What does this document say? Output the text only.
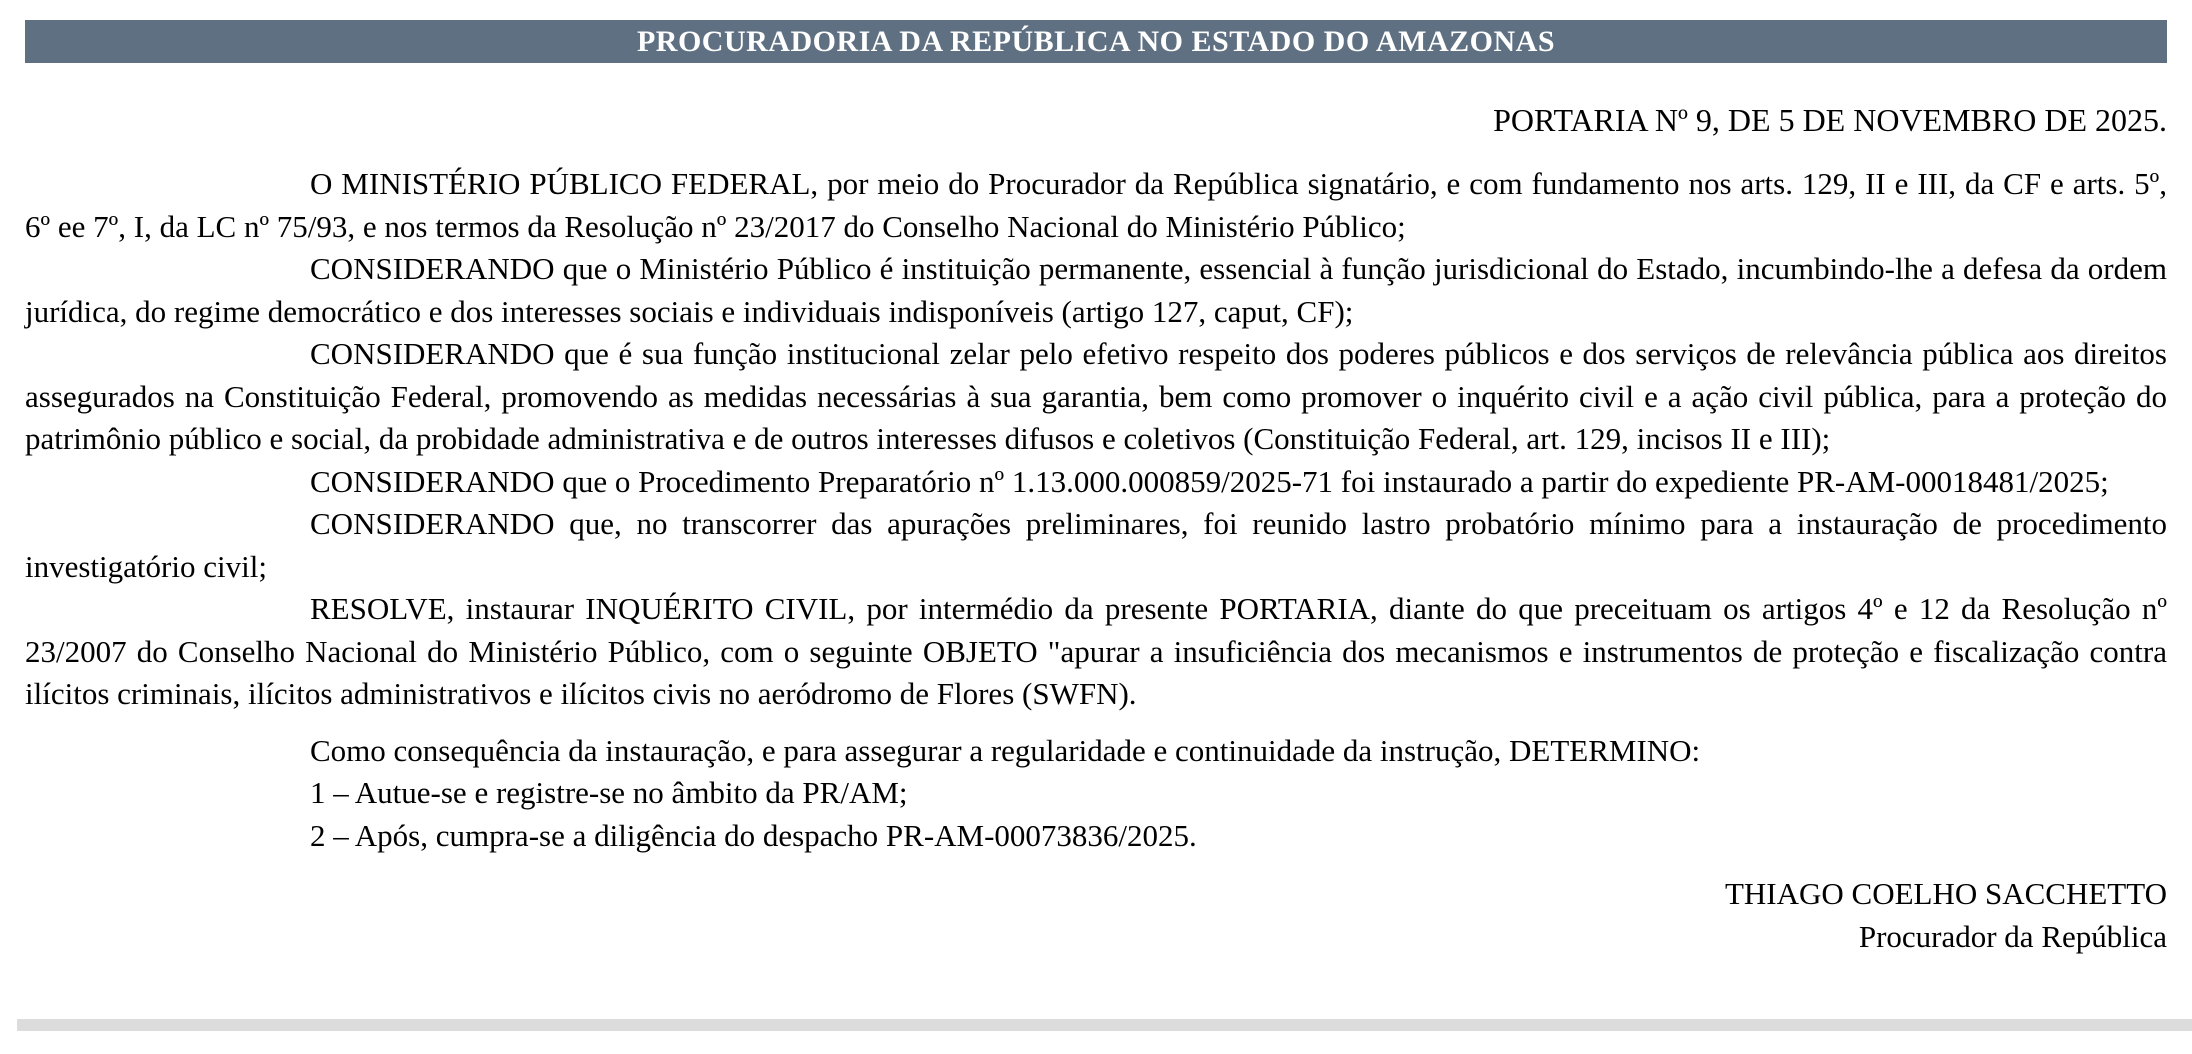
PROCURADORIA DA REPÚBLICA NO ESTADO DO AMAZONAS
PORTARIA Nº 9, DE 5 DE NOVEMBRO DE 2025.

O MINISTÉRIO PÚBLICO FEDERAL, por meio do Procurador da República signatário, e com fundamento nos arts. 129, II e III, da CF e arts. 5º, 6º ee 7º, I, da LC nº 75/93, e nos termos da Resolução nº 23/2017 do Conselho Nacional do Ministério Público;

CONSIDERANDO que o Ministério Público é instituição permanente, essencial à função jurisdicional do Estado, incumbindo-lhe a defesa da ordem jurídica, do regime democrático e dos interesses sociais e individuais indisponíveis (artigo 127, caput, CF);

CONSIDERANDO que é sua função institucional zelar pelo efetivo respeito dos poderes públicos e dos serviços de relevância pública aos direitos assegurados na Constituição Federal, promovendo as medidas necessárias à sua garantia, bem como promover o inquérito civil e a ação civil pública, para a proteção do patrimônio público e social, da probidade administrativa e de outros interesses difusos e coletivos (Constituição Federal, art. 129, incisos II e III);

CONSIDERANDO que o Procedimento Preparatório nº 1.13.000.000859/2025-71 foi instaurado a partir do expediente PR-AM-00018481/2025;

CONSIDERANDO que, no transcorrer das apurações preliminares, foi reunido lastro probatório mínimo para a instauração de procedimento investigatório civil;

RESOLVE, instaurar INQUÉRITO CIVIL, por intermédio da presente PORTARIA, diante do que preceituam os artigos 4º e 12 da Resolução nº 23/2007 do Conselho Nacional do Ministério Público, com o seguinte OBJETO "apurar a insuficiência dos mecanismos e instrumentos de proteção e fiscalização contra ilícitos criminais, ilícitos administrativos e ilícitos civis no aeródromo de Flores (SWFN).

Como consequência da instauração, e para assegurar a regularidade e continuidade da instrução, DETERMINO:

1 – Autue-se e registre-se no âmbito da PR/AM;

2 – Após, cumpra-se a diligência do despacho PR-AM-00073836/2025.

THIAGO COELHO SACCHETTO
Procurador da República
